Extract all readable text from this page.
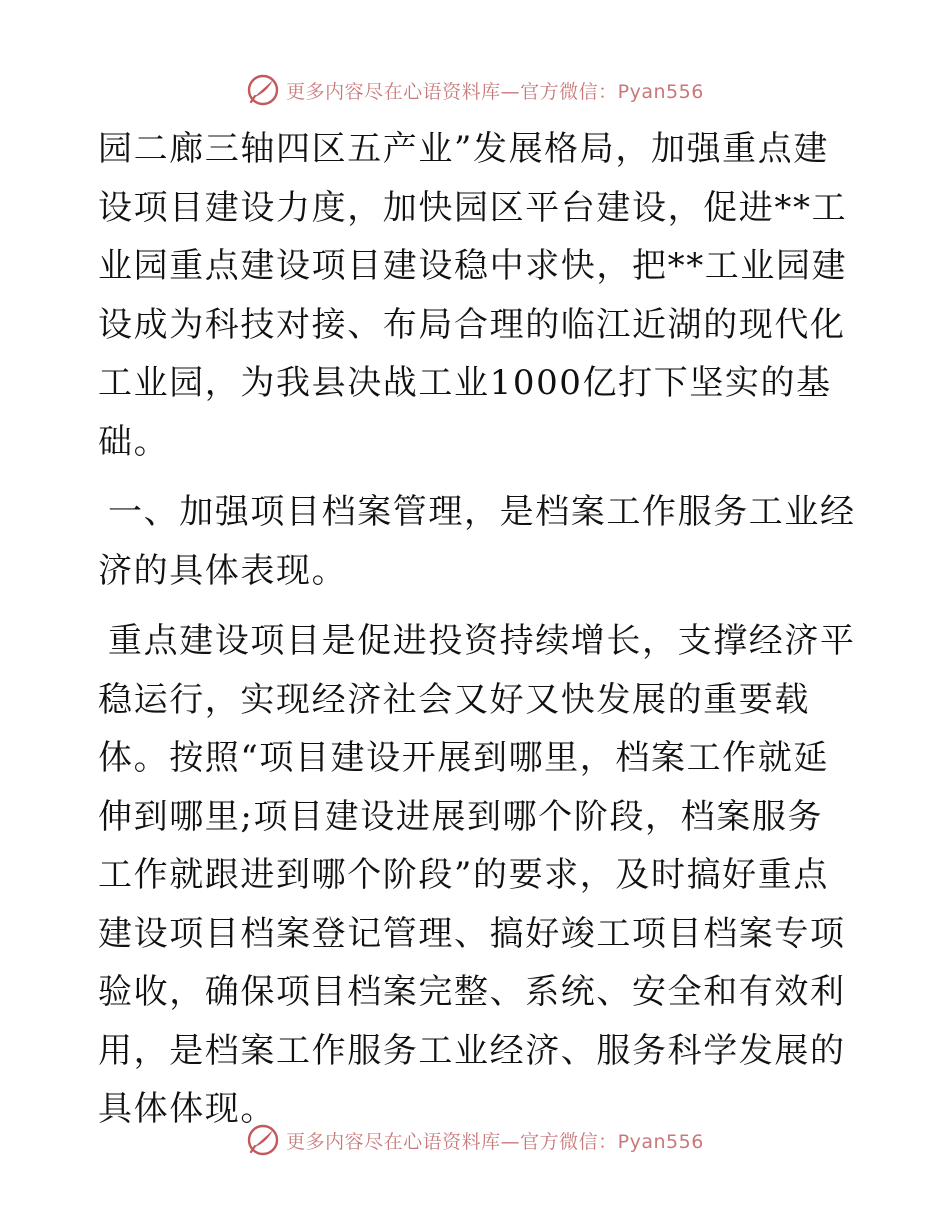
更多内容尽在心语资料库—官方微信：Pyan556

园二廊三轴四区五产业”发展格局，加强重点建设项目建设力度，加快园区平台建设，促进**工业园重点建设项目建设稳中求快，把**工业园建设成为科技对接、布局合理的临江近湖的现代化工业园，为我县决战工业1000亿打下坚实的基础。

一、加强项目档案管理，是档案工作服务工业经济的具体表现。

重点建设项目是促进投资持续增长，支撑经济平稳运行，实现经济社会又好又快发展的重要载体。按照“项目建设开展到哪里，档案工作就延伸到哪里;项目建设进展到哪个阶段，档案服务工作就跟进到哪个阶段”的要求，及时搞好重点建设项目档案登记管理、搞好竣工项目档案专项验收，确保项目档案完整、系统、安全和有效利用，是档案工作服务工业经济、服务科学发展的具体体现。

更多内容尽在心语资料库—官方微信：Pyan556
